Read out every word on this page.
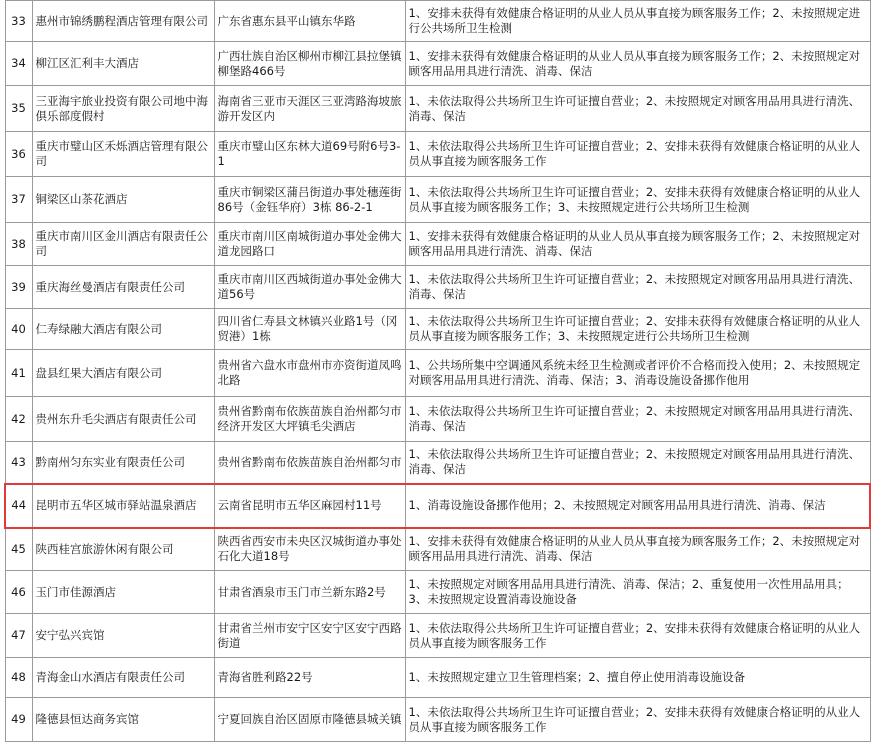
33	惠州市锦绣鹏程酒店管理有限公司	广东省惠东县平山镇东华路	1、安排未获得有效健康合格证明的从业人员从事直接为顾客服务工作；2、未按照规定进行公共场所卫生检测
34	柳江区汇利丰大酒店	广西壮族自治区柳州市柳江县拉堡镇柳堡路466号	1、安排未获得有效健康合格证明的从业人员从事直接为顾客服务工作；2、未按照规定对顾客用品用具进行清洗、消毒、保洁
35	三亚海宇旅业投资有限公司地中海俱乐部度假村	海南省三亚市天涯区三亚湾路海坡旅游开发区内	1、未依法取得公共场所卫生许可证擅自营业；2、未按照规定对顾客用品用具进行清洗、消毒、保洁
36	重庆市璧山区禾烁酒店管理有限公司	重庆市璧山区东林大道69号附6号3-1	1、未依法取得公共场所卫生许可证擅自营业；2、安排未获得有效健康合格证明的从业人员从事直接为顾客服务工作
37	铜梁区山茶花酒店	重庆市铜梁区蒲吕街道办事处穗莲街86号（金钰华府）3栋 86-2-1	1、未依法取得公共场所卫生许可证擅自营业；2、安排未获得有效健康合格证明的从业人员从事直接为顾客服务工作；3、未按照规定进行公共场所卫生检测
38	重庆市南川区金川酒店有限责任公司	重庆市南川区南城街道办事处金佛大道龙园路口	1、安排未获得有效健康合格证明的从业人员从事直接为顾客服务工作；2、未按照规定对顾客用品用具进行清洗、消毒、保洁
39	重庆海丝曼酒店有限责任公司	重庆市南川区西城街道办事处金佛大道56号	1、未依法取得公共场所卫生许可证擅自营业；2、未按照规定对顾客用品用具进行清洗、消毒、保洁
40	仁寿绿融大酒店有限公司	四川省仁寿县文林镇兴业路1号（冈贸港）1栋	1、未依法取得公共场所卫生许可证擅自营业；2、安排未获得有效健康合格证明的从业人员从事直接为顾客服务工作；3、未按照规定进行公共场所卫生检测
41	盘县红果大酒店有限公司	贵州省六盘水市盘州市亦资街道凤鸣北路	1、公共场所集中空调通风系统未经卫生检测或者评价不合格而投入使用；2、未按照规定对顾客用品用具进行清洗、消毒、保洁；3、消毒设施设备挪作他用
42	贵州东升毛尖酒店有限责任公司	贵州省黔南布依族苗族自治州都匀市经济开发区大坪镇毛尖酒店	1、未依法取得公共场所卫生许可证擅自营业；2、未按照规定对顾客用品用具进行清洗、消毒、保洁
43	黔南州匀东实业有限责任公司	贵州省黔南布依族苗族自治州都匀市	1、未依法取得公共场所卫生许可证擅自营业；2、未按照规定对顾客用品用具进行清洗、消毒、保洁
44	昆明市五华区城市驿站温泉酒店	云南省昆明市五华区麻园村11号	1、消毒设施设备挪作他用；2、未按照规定对顾客用品用具进行清洗、消毒、保洁
45	陕西桂宫旅游休闲有限公司	陕西省西安市未央区汉城街道办事处石化大道18号	1、安排未获得有效健康合格证明的从业人员从事直接为顾客服务工作；2、未按照规定对顾客用品用具进行清洗、消毒、保洁
46	玉门市佳源酒店	甘肃省酒泉市玉门市兰新东路2号	1、未按照规定对顾客用品用具进行清洗、消毒、保洁；2、重复使用一次性用品用具；3、未按照规定设置消毒设施设备
47	安宁弘兴宾馆	甘肃省兰州市安宁区安宁区安宁西路街道	1、未依法取得公共场所卫生许可证擅自营业；2、安排未获得有效健康合格证明的从业人员从事直接为顾客服务工作
48	青海金山水酒店有限责任公司	青海省胜利路22号	1、未按照规定建立卫生管理档案；2、擅自停止使用消毒设施设备
49	隆德县恒达商务宾馆	宁夏回族自治区固原市隆德县城关镇	1、未依法取得公共场所卫生许可证擅自营业；2、安排未获得有效健康合格证明的从业人员从事直接为顾客服务工作
